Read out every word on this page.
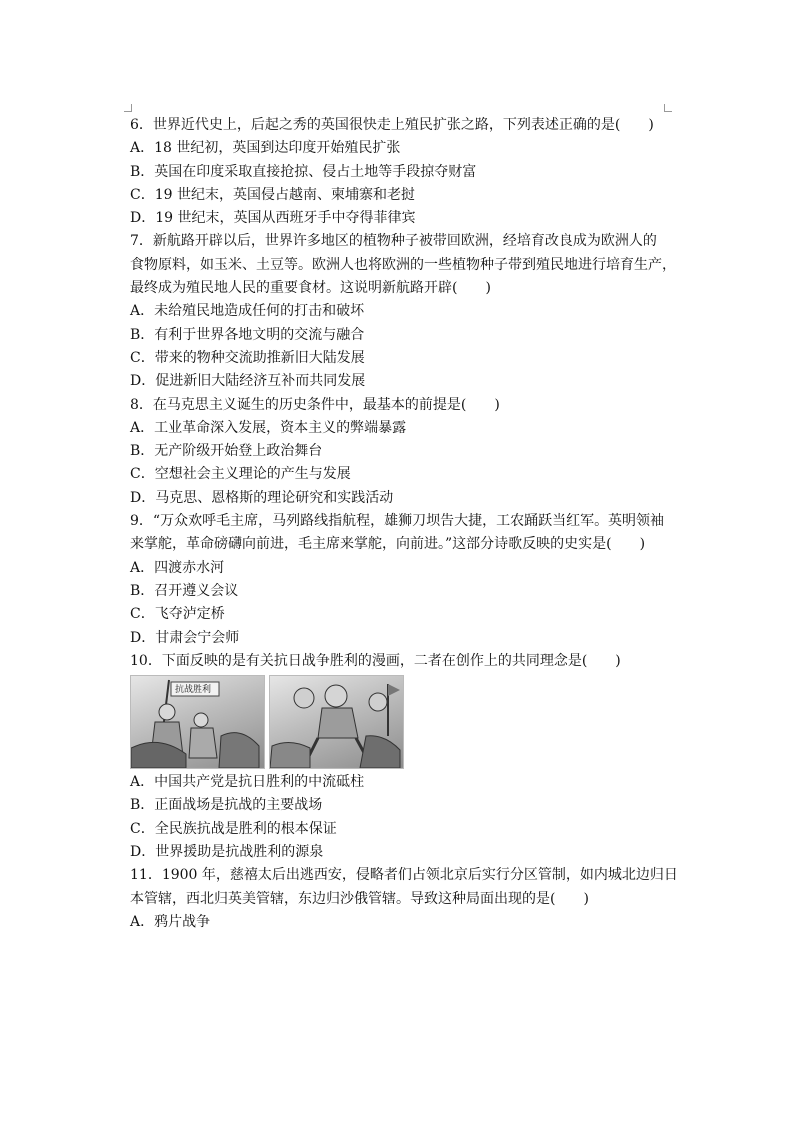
6．世界近代史上，后起之秀的英国很快走上殖民扩张之路，下列表述正确的是(　　)
A．18 世纪初，英国到达印度开始殖民扩张
B．英国在印度采取直接抢掠、侵占土地等手段掠夺财富
C．19 世纪末，英国侵占越南、柬埔寨和老挝
D．19 世纪末，英国从西班牙手中夺得菲律宾
7．新航路开辟以后，世界许多地区的植物种子被带回欧洲，经培育改良成为欧洲人的
食物原料，如玉米、土豆等。欧洲人也将欧洲的一些植物种子带到殖民地进行培育生产，
最终成为殖民地人民的重要食材。这说明新航路开辟(　　)
A．未给殖民地造成任何的打击和破坏
B．有利于世界各地文明的交流与融合
C．带来的物种交流助推新旧大陆发展
D．促进新旧大陆经济互补而共同发展
8．在马克思主义诞生的历史条件中，最基本的前提是(　　)
A．工业革命深入发展，资本主义的弊端暴露
B．无产阶级开始登上政治舞台
C．空想社会主义理论的产生与发展
D．马克思、恩格斯的理论研究和实践活动
9．“万众欢呼毛主席，马列路线指航程，雄狮刀坝告大捷，工农踊跃当红军。英明领袖
来掌舵，革命磅礴向前进，毛主席来掌舵，向前进。”这部分诗歌反映的史实是(　　)
A．四渡赤水河
B．召开遵义会议
C．飞夺泸定桥
D．甘肃会宁会师
10．下面反映的是有关抗日战争胜利的漫画，二者在创作上的共同理念是(　　)
抗战胜利
A．中国共产党是抗日胜利的中流砥柱
B．正面战场是抗战的主要战场
C．全民族抗战是胜利的根本保证
D．世界援助是抗战胜利的源泉
11．1900 年，慈禧太后出逃西安，侵略者们占领北京后实行分区管制，如内城北边归日
本管辖，西北归英美管辖，东边归沙俄管辖。导致这种局面出现的是(　　)
A．鸦片战争
